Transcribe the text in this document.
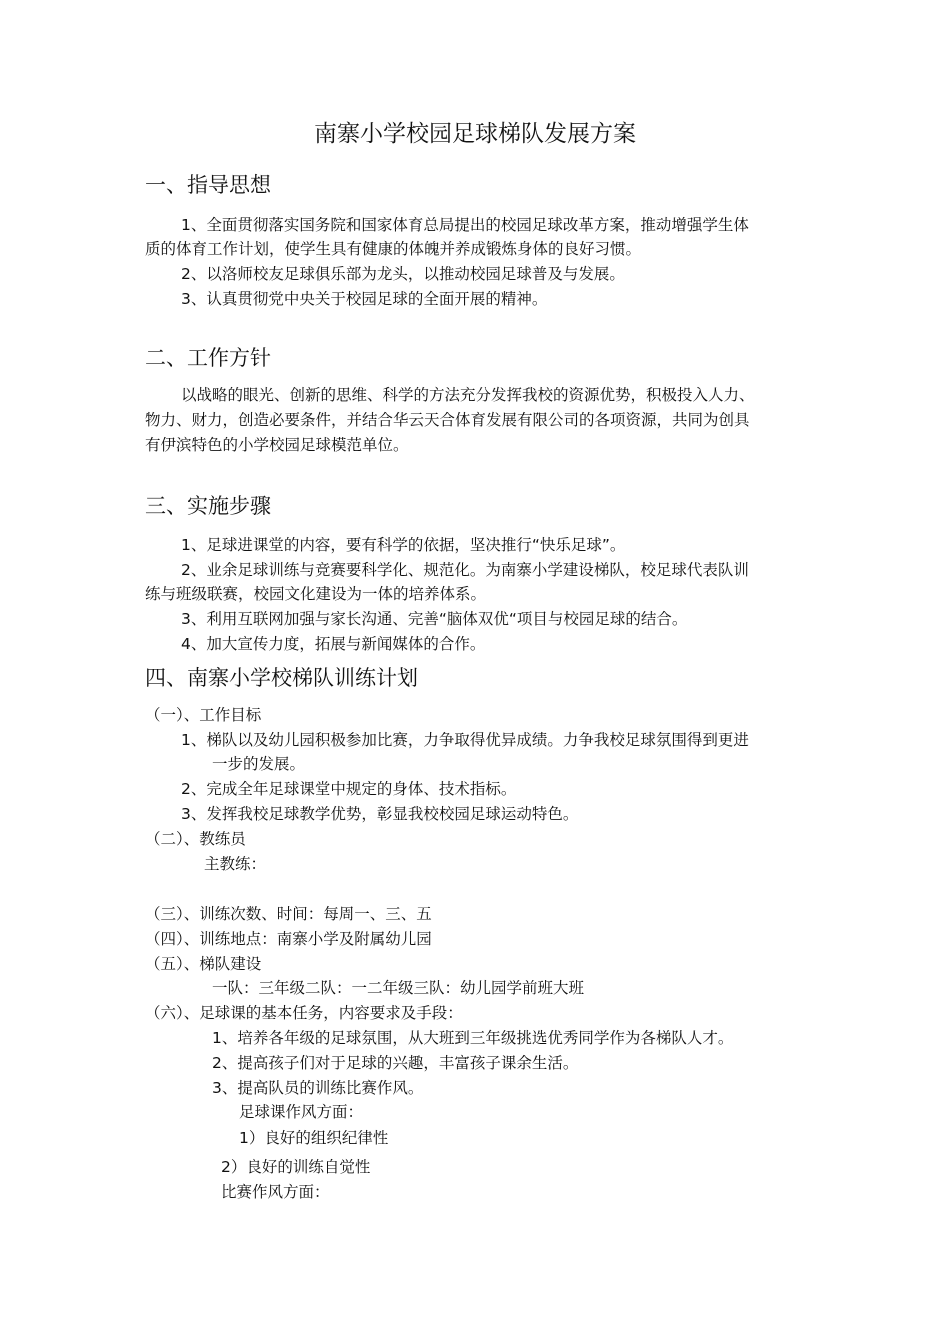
南寨小学校园足球梯队发展方案
一、指导思想
1、全面贯彻落实国务院和国家体育总局提出的校园足球改革方案，推动增强学生体
质的体育工作计划，使学生具有健康的体魄并养成锻炼身体的良好习惯。
2、以洛师校友足球俱乐部为龙头，以推动校园足球普及与发展。
3、认真贯彻党中央关于校园足球的全面开展的精神。
二、工作方针
以战略的眼光、创新的思维、科学的方法充分发挥我校的资源优势，积极投入人力、
物力、财力，创造必要条件，并结合华云天合体育发展有限公司的各项资源，共同为创具
有伊滨特色的小学校园足球模范单位。
三、实施步骤
1、足球进课堂的内容，要有科学的依据，坚决推行“快乐足球”。
2、业余足球训练与竞赛要科学化、规范化。为南寨小学建设梯队，校足球代表队训
练与班级联赛，校园文化建设为一体的培养体系。
3、利用互联网加强与家长沟通、完善“脑体双优“项目与校园足球的结合。
4、加大宣传力度，拓展与新闻媒体的合作。
四、南寨小学校梯队训练计划
（一）、工作目标
1、梯队以及幼儿园积极参加比赛，力争取得优异成绩。力争我校足球氛围得到更进
一步的发展。
2、完成全年足球课堂中规定的身体、技术指标。
3、发挥我校足球教学优势，彰显我校校园足球运动特色。
（二）、教练员
主教练：
（三）、训练次数、时间：每周一、三、五
（四）、训练地点：南寨小学及附属幼儿园
（五）、梯队建设
一队：三年级二队：一二年级三队：幼儿园学前班大班
（六）、足球课的基本任务，内容要求及手段：
1、培养各年级的足球氛围，从大班到三年级挑选优秀同学作为各梯队人才。
2、提高孩子们对于足球的兴趣，丰富孩子课余生活。
3、提高队员的训练比赛作风。
足球课作风方面：
1）良好的组织纪律性
2）良好的训练自觉性
比赛作风方面：
